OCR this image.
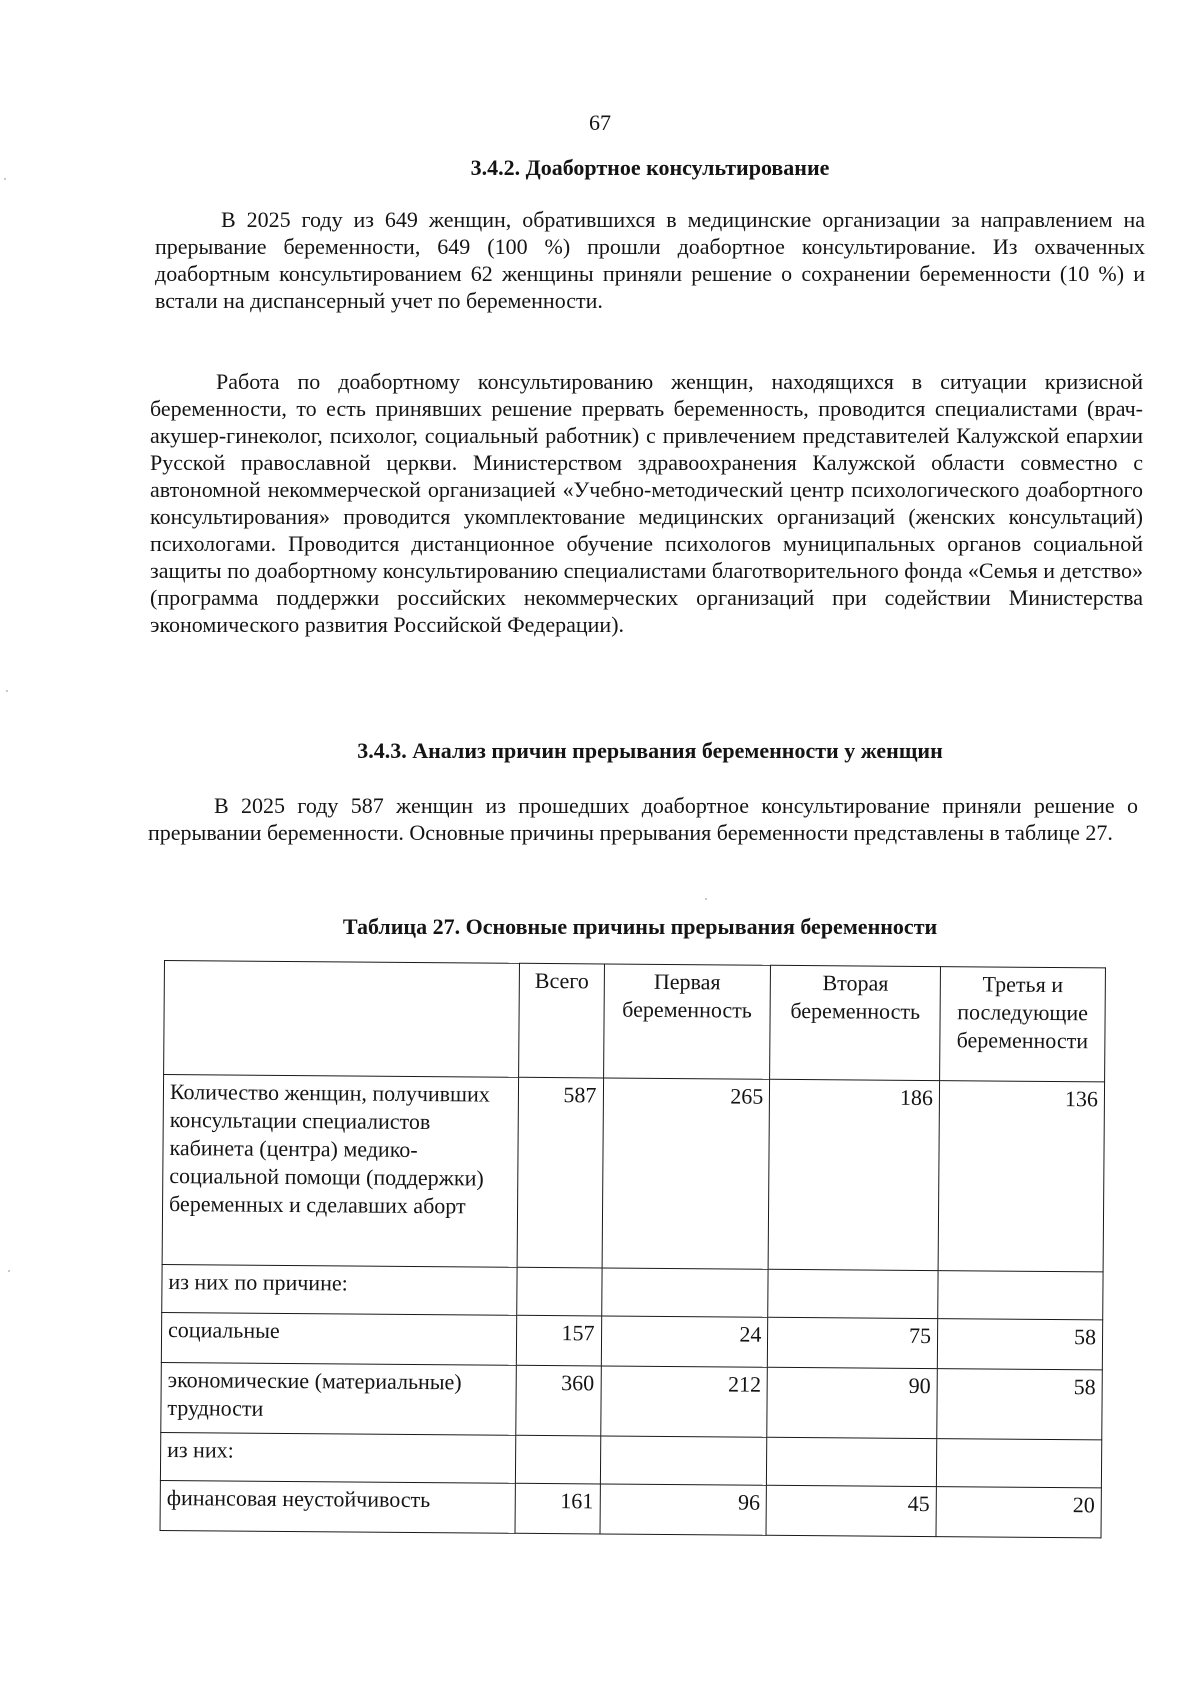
67
3.4.2. Доабортное консультирование

В 2025 году из 649 женщин, обратившихся в медицинские организации за направлением на прерывание беременности, 649 (100 %) прошли доабортное консультирование. Из охваченных доабортным консультированием 62 женщины приняли решение о сохранении беременности (10 %) и встали на диспансерный учет по беременности.

Работа по доабортному консультированию женщин, находящихся в ситуации кризисной беременности, то есть принявших решение прервать беременность, проводится специалистами (врач-акушер-гинеколог, психолог, социальный работник) с привлечением представителей Калужской епархии Русской православной церкви. Министерством здравоохранения Калужской области совместно с автономной некоммерческой организацией «Учебно-методический центр психологического доабортного консультирования» проводится укомплектование медицинских организаций (женских консультаций) психологами. Проводится дистанционное обучение психологов муниципальных органов социальной защиты по доабортному консультированию специалистами благотворительного фонда «Семья и детство» (программа поддержки российских некоммерческих организаций при содействии Министерства экономического развития Российской Федерации).

3.4.3. Анализ причин прерывания беременности у женщин

В 2025 году 587 женщин из прошедших доабортное консультирование приняли решение о прерывании беременности. Основные причины прерывания беременности представлены в таблице 27.

Таблица 27. Основные причины прерывания беременности
	Всего	Первая беременность	Вторая беременность	Третья и последующие беременности
Количество женщин, получивших консультации специалистов кабинета (центра) медико-социальной помощи (поддержки) беременных и сделавших аборт	587	265	186	136
из них по причине:				
социальные	157	24	75	58
экономические (материальные) трудности	360	212	90	58
из них:				
финансовая неустойчивость	161	96	45	20
